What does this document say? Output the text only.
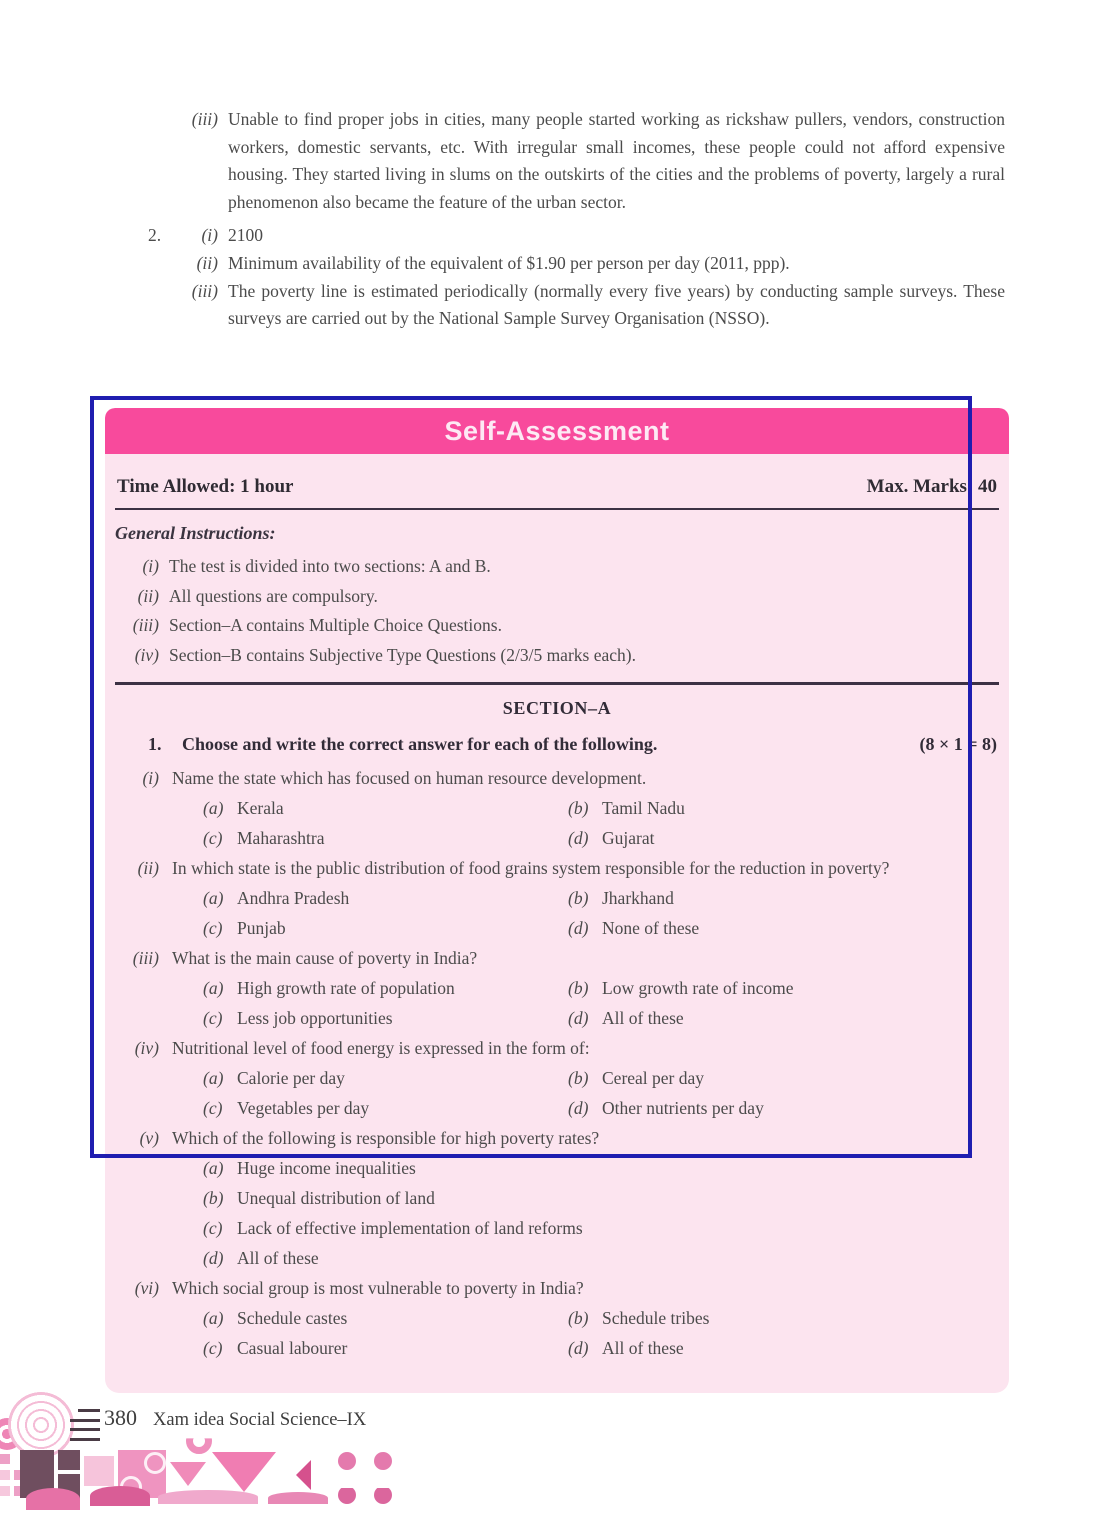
(iii) Unable to find proper jobs in cities, many people started working as rickshaw pullers, vendors, construction workers, domestic servants, etc. With irregular small incomes, these people could not afford expensive housing. They started living in slums on the outskirts of the cities and the problems of poverty, largely a rural phenomenon also became the feature of the urban sector.
2.	(i) 2100
(ii) Minimum availability of the equivalent of $1.90 per person per day (2011, ppp).
(iii) The poverty line is estimated periodically (normally every five years) by conducting sample surveys. These surveys are carried out by the National Sample Survey Organisation (NSSO).
Self-Assessment
Time Allowed: 1 hour	Max. Marks: 40
General Instructions:
(i) The test is divided into two sections: A and B.
(ii) All questions are compulsory.
(iii) Section–A contains Multiple Choice Questions.
(iv) Section–B contains Subjective Type Questions (2/3/5 marks each).
SECTION–A
1.	Choose and write the correct answer for each of the following.	(8 × 1 = 8)
(i) Name the state which has focused on human resource development.
(a) Kerala	(b) Tamil Nadu
(c) Maharashtra	(d) Gujarat
(ii) In which state is the public distribution of food grains system responsible for the reduction in poverty?
(a) Andhra Pradesh	(b) Jharkhand
(c) Punjab	(d) None of these
(iii) What is the main cause of poverty in India?
(a) High growth rate of population	(b) Low growth rate of income
(c) Less job opportunities	(d) All of these
(iv) Nutritional level of food energy is expressed in the form of:
(a) Calorie per day	(b) Cereal per day
(c) Vegetables per day	(d) Other nutrients per day
(v) Which of the following is responsible for high poverty rates?
(a) Huge income inequalities
(b) Unequal distribution of land
(c) Lack of effective implementation of land reforms
(d) All of these
(vi) Which social group is most vulnerable to poverty in India?
(a) Schedule castes	(b) Schedule tribes
(c) Casual labourer	(d) All of these
380 Xam idea Social Science–IX
